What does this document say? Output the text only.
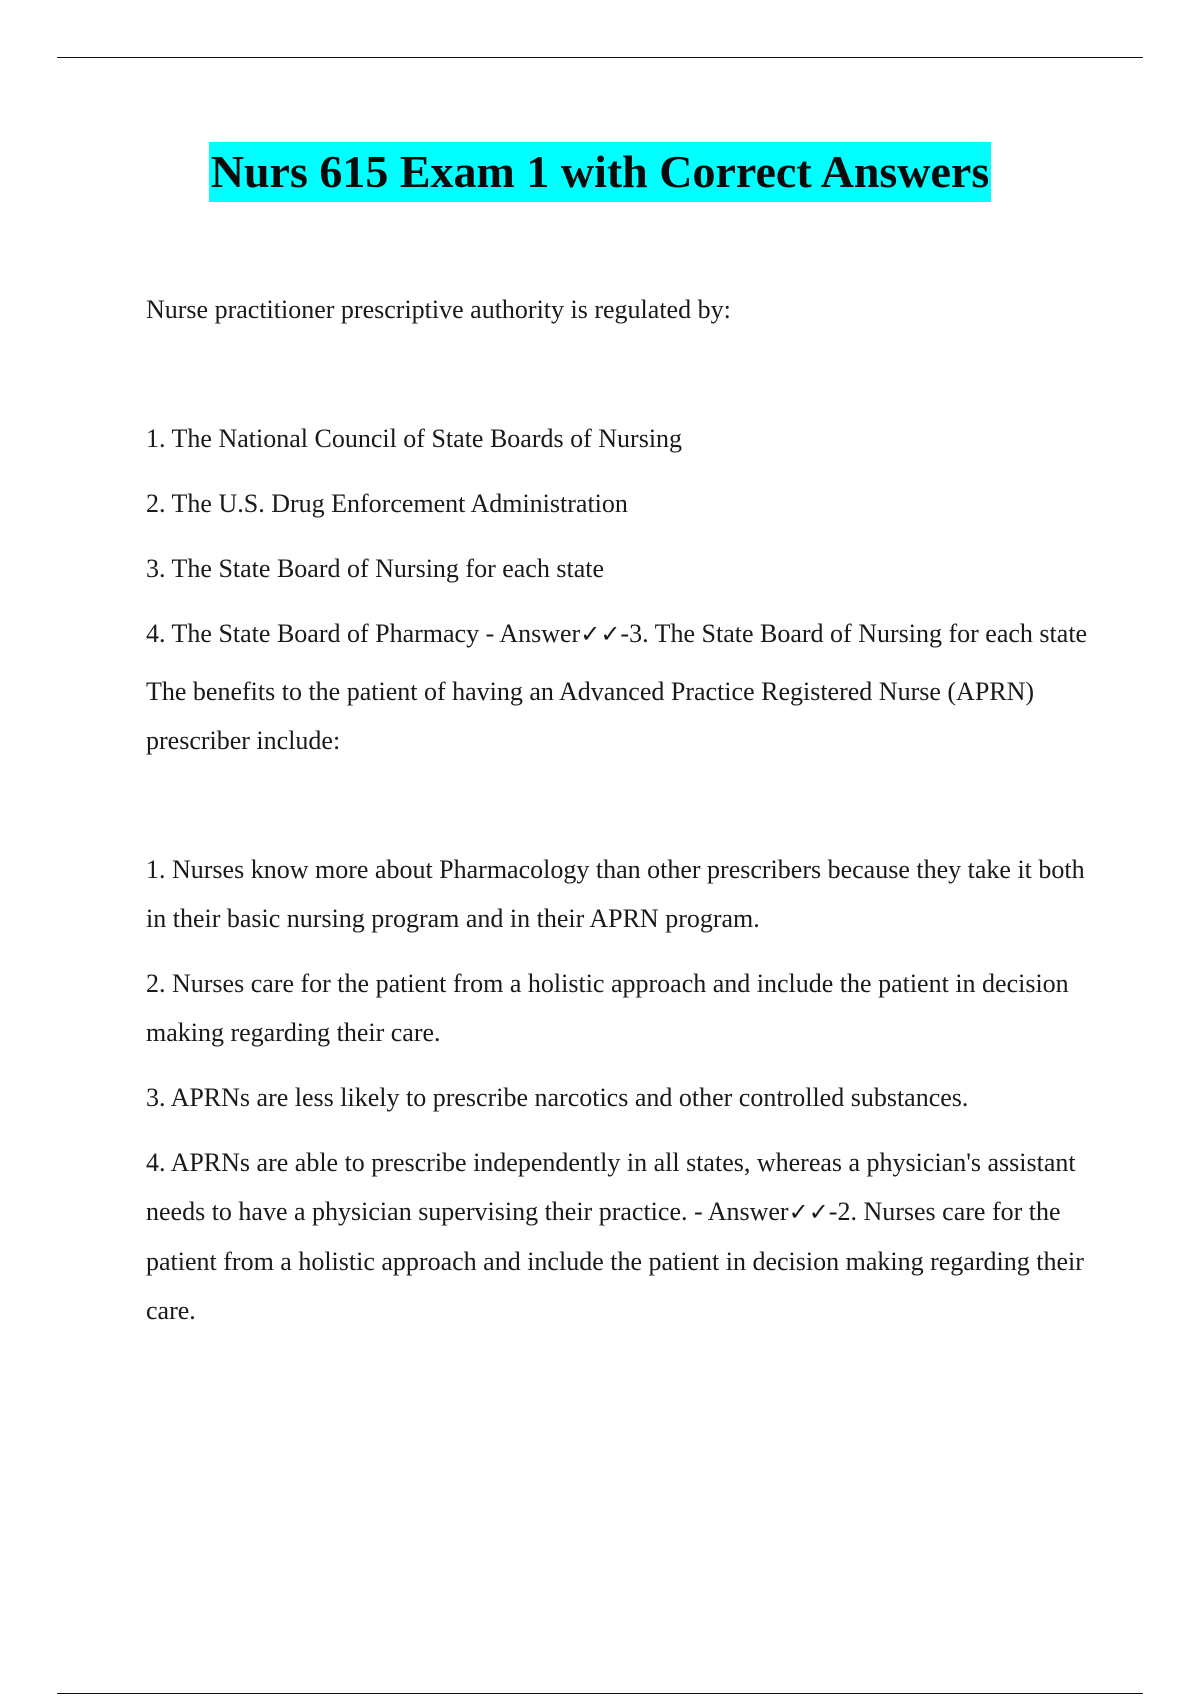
Nurs 615 Exam 1 with Correct Answers

Nurse practitioner prescriptive authority is regulated by:

1. The National Council of State Boards of Nursing

2. The U.S. Drug Enforcement Administration

3. The State Board of Nursing for each state

4. The State Board of Pharmacy - Answer✓✓-3. The State Board of Nursing for each state

The benefits to the patient of having an Advanced Practice Registered Nurse (APRN) prescriber include:

1. Nurses know more about Pharmacology than other prescribers because they take it both in their basic nursing program and in their APRN program.

2. Nurses care for the patient from a holistic approach and include the patient in decision making regarding their care.

3. APRNs are less likely to prescribe narcotics and other controlled substances.

4. APRNs are able to prescribe independently in all states, whereas a physician's assistant needs to have a physician supervising their practice. - Answer✓✓-2. Nurses care for the patient from a holistic approach and include the patient in decision making regarding their care.
